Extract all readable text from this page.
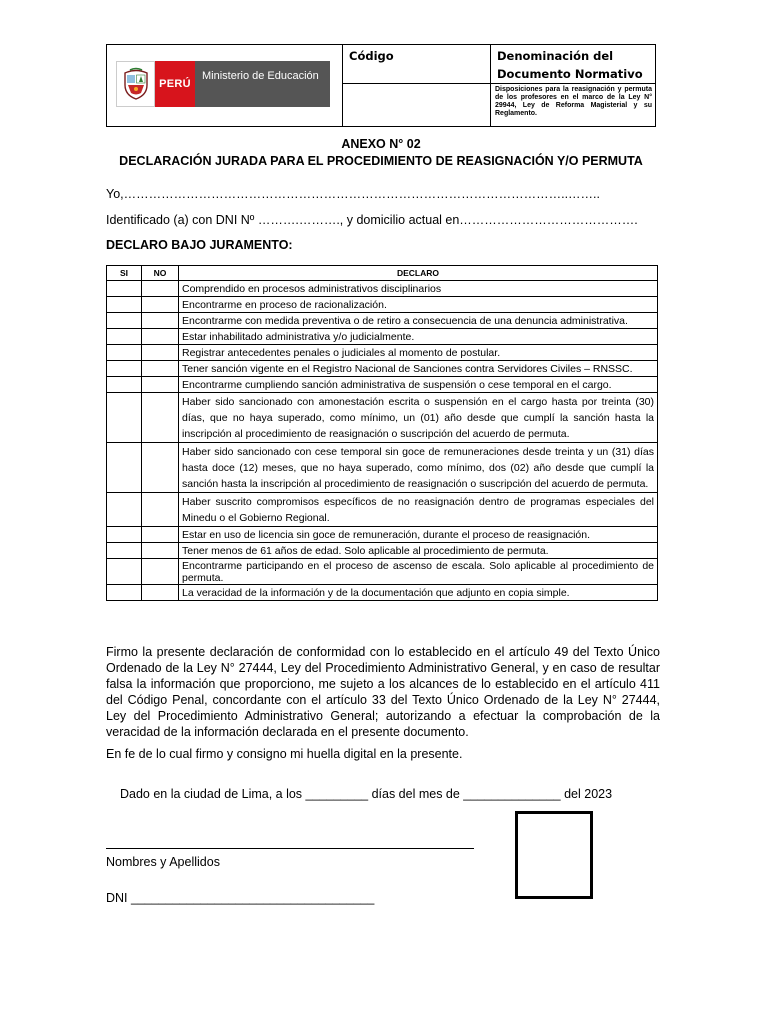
PERÚ
Ministerio de Educación	Código	Denominación del Documento Normativo

		Disposiciones para la reasignación y permuta de los profesores en el marco de la Ley N° 29944, Ley de Reforma Magisterial y su Reglamento.
ANEXO N° 02
DECLARACIÓN JURADA PARA EL PROCEDIMIENTO DE REASIGNACIÓN Y/O PERMUTA
Yo,……………………………………………………………………………………………..……..
Identificado (a) con DNI Nº ……….………., y domicilio actual en…………………………………….
DECLARO BAJO JURAMENTO:
SI	NO	DECLARO
		Comprendido en procesos administrativos disciplinarios
		Encontrarme en proceso de racionalización.
		Encontrarme con medida preventiva o de retiro a consecuencia de una denuncia administrativa.
		Estar inhabilitado administrativa y/o judicialmente.
		Registrar antecedentes penales o judiciales al momento de postular.
		Tener sanción vigente en el Registro Nacional de Sanciones contra Servidores Civiles – RNSSC.
		Encontrarme cumpliendo sanción administrativa de suspensión o cese temporal en el cargo.
		Haber sido sancionado con amonestación escrita o suspensión en el cargo hasta por treinta (30) días, que no haya superado, como mínimo, un (01) año desde que cumplí la sanción hasta la inscripción al procedimiento de reasignación o suscripción del acuerdo de permuta.
		Haber sido sancionado con cese temporal sin goce de remuneraciones desde treinta y un (31) días hasta doce (12) meses, que no haya superado, como mínimo, dos (02) año desde que cumplí la sanción hasta la inscripción al procedimiento de reasignación o suscripción del acuerdo de permuta.
		Haber suscrito compromisos específicos de no reasignación dentro de programas especiales del Minedu o el Gobierno Regional.
		Estar en uso de licencia sin goce de remuneración, durante el proceso de reasignación.
		Tener menos de 61 años de edad. Solo aplicable al procedimiento de permuta.
		Encontrarme participando en el proceso de ascenso de escala. Solo aplicable al procedimiento de permuta.
		La veracidad de la información y de la documentación que adjunto en copia simple.
Firmo la presente declaración de conformidad con lo establecido en el artículo 49 del Texto Único Ordenado de la Ley N° 27444, Ley del Procedimiento Administrativo General, y en caso de resultar falsa la información que proporciono, me sujeto a los alcances de lo establecido en el artículo 411 del Código Penal, concordante con el artículo 33 del Texto Único Ordenado de la Ley N° 27444, Ley del Procedimiento Administrativo General; autorizando a efectuar la comprobación de la veracidad de la información declarada en el presente documento.
En fe de lo cual firmo y consigno mi huella digital en la presente.
Dado en la ciudad de Lima, a los _________ días del mes de ______________ del 2023
Nombres y Apellidos
DNI ___________________________________
